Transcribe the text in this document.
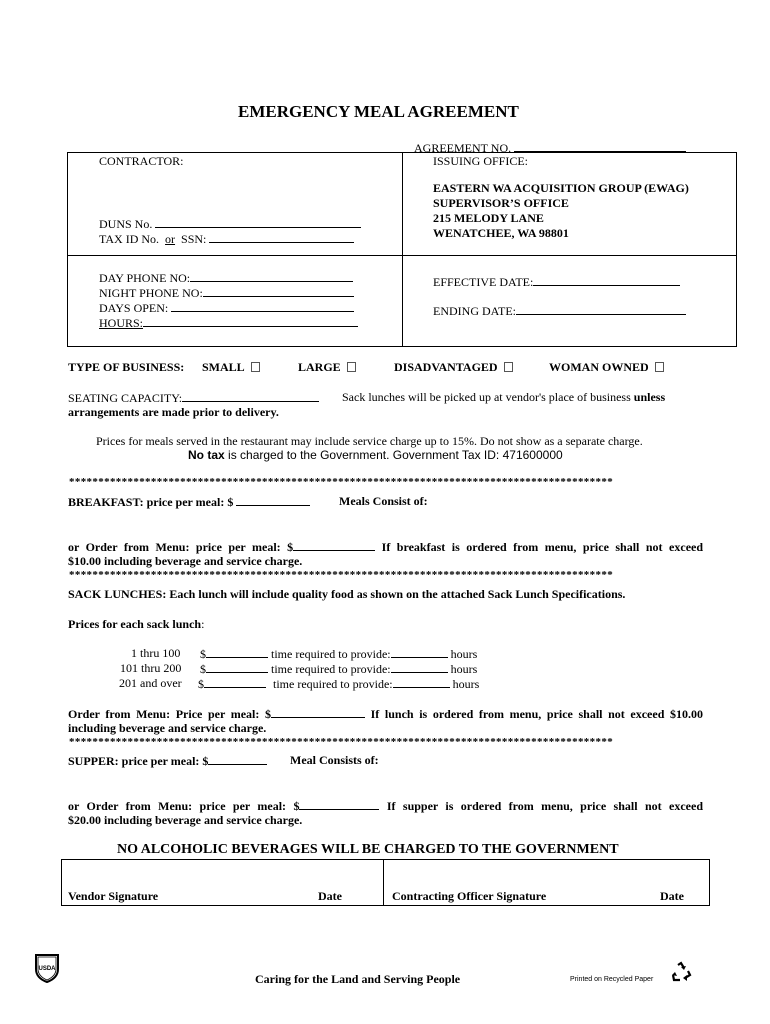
EMERGENCY MEAL AGREEMENT
AGREEMENT NO.
CONTRACTOR:
DUNS No.
TAX ID No. or SSN:
ISSUING OFFICE:
EASTERN WA ACQUISITION GROUP (EWAG)
SUPERVISOR’S OFFICE
215 MELODY LANE
WENATCHEE, WA 98801
DAY PHONE NO:
NIGHT PHONE NO:
DAYS OPEN:
HOURS:
EFFECTIVE DATE:
ENDING DATE:
TYPE OF BUSINESS: SMALL	LARGE	DISADVANTAGED	WOMAN OWNED
SEATING CAPACITY:	Sack lunches will be picked up at vendor's place of business unless
arrangements are made prior to delivery.
Prices for meals served in the restaurant may include service charge up to 15%. Do not show as a separate charge.
No tax is charged to the Government. Government Tax ID: 471600000
*********************************************************************************************
BREAKFAST: price per meal: $	Meals Consist of:
or Order from Menu: price per meal: $	If breakfast is ordered from menu, price shall not exceed
$10.00 including beverage and service charge.
*********************************************************************************************
SACK LUNCHES: Each lunch will include quality food as shown on the attached Sack Lunch Specifications.
Prices for each sack lunch:
1 thru 100 $	time required to provide:	hours
101 thru 200 $	time required to provide:	hours
201 and over $	time required to provide:	hours
Order from Menu: Price per meal: $	If lunch is ordered from menu, price shall not exceed $10.00
including beverage and service charge.
*********************************************************************************************
SUPPER: price per meal: $	Meal Consists of:
or Order from Menu: price per meal: $	If supper is ordered from menu, price shall not exceed
$20.00 including beverage and service charge.
NO ALCOHOLIC BEVERAGES WILL BE CHARGED TO THE GOVERNMENT
Vendor Signature	Date	Contracting Officer Signature	Date
USDA
Caring for the Land and Serving People	Printed on Recycled Paper
